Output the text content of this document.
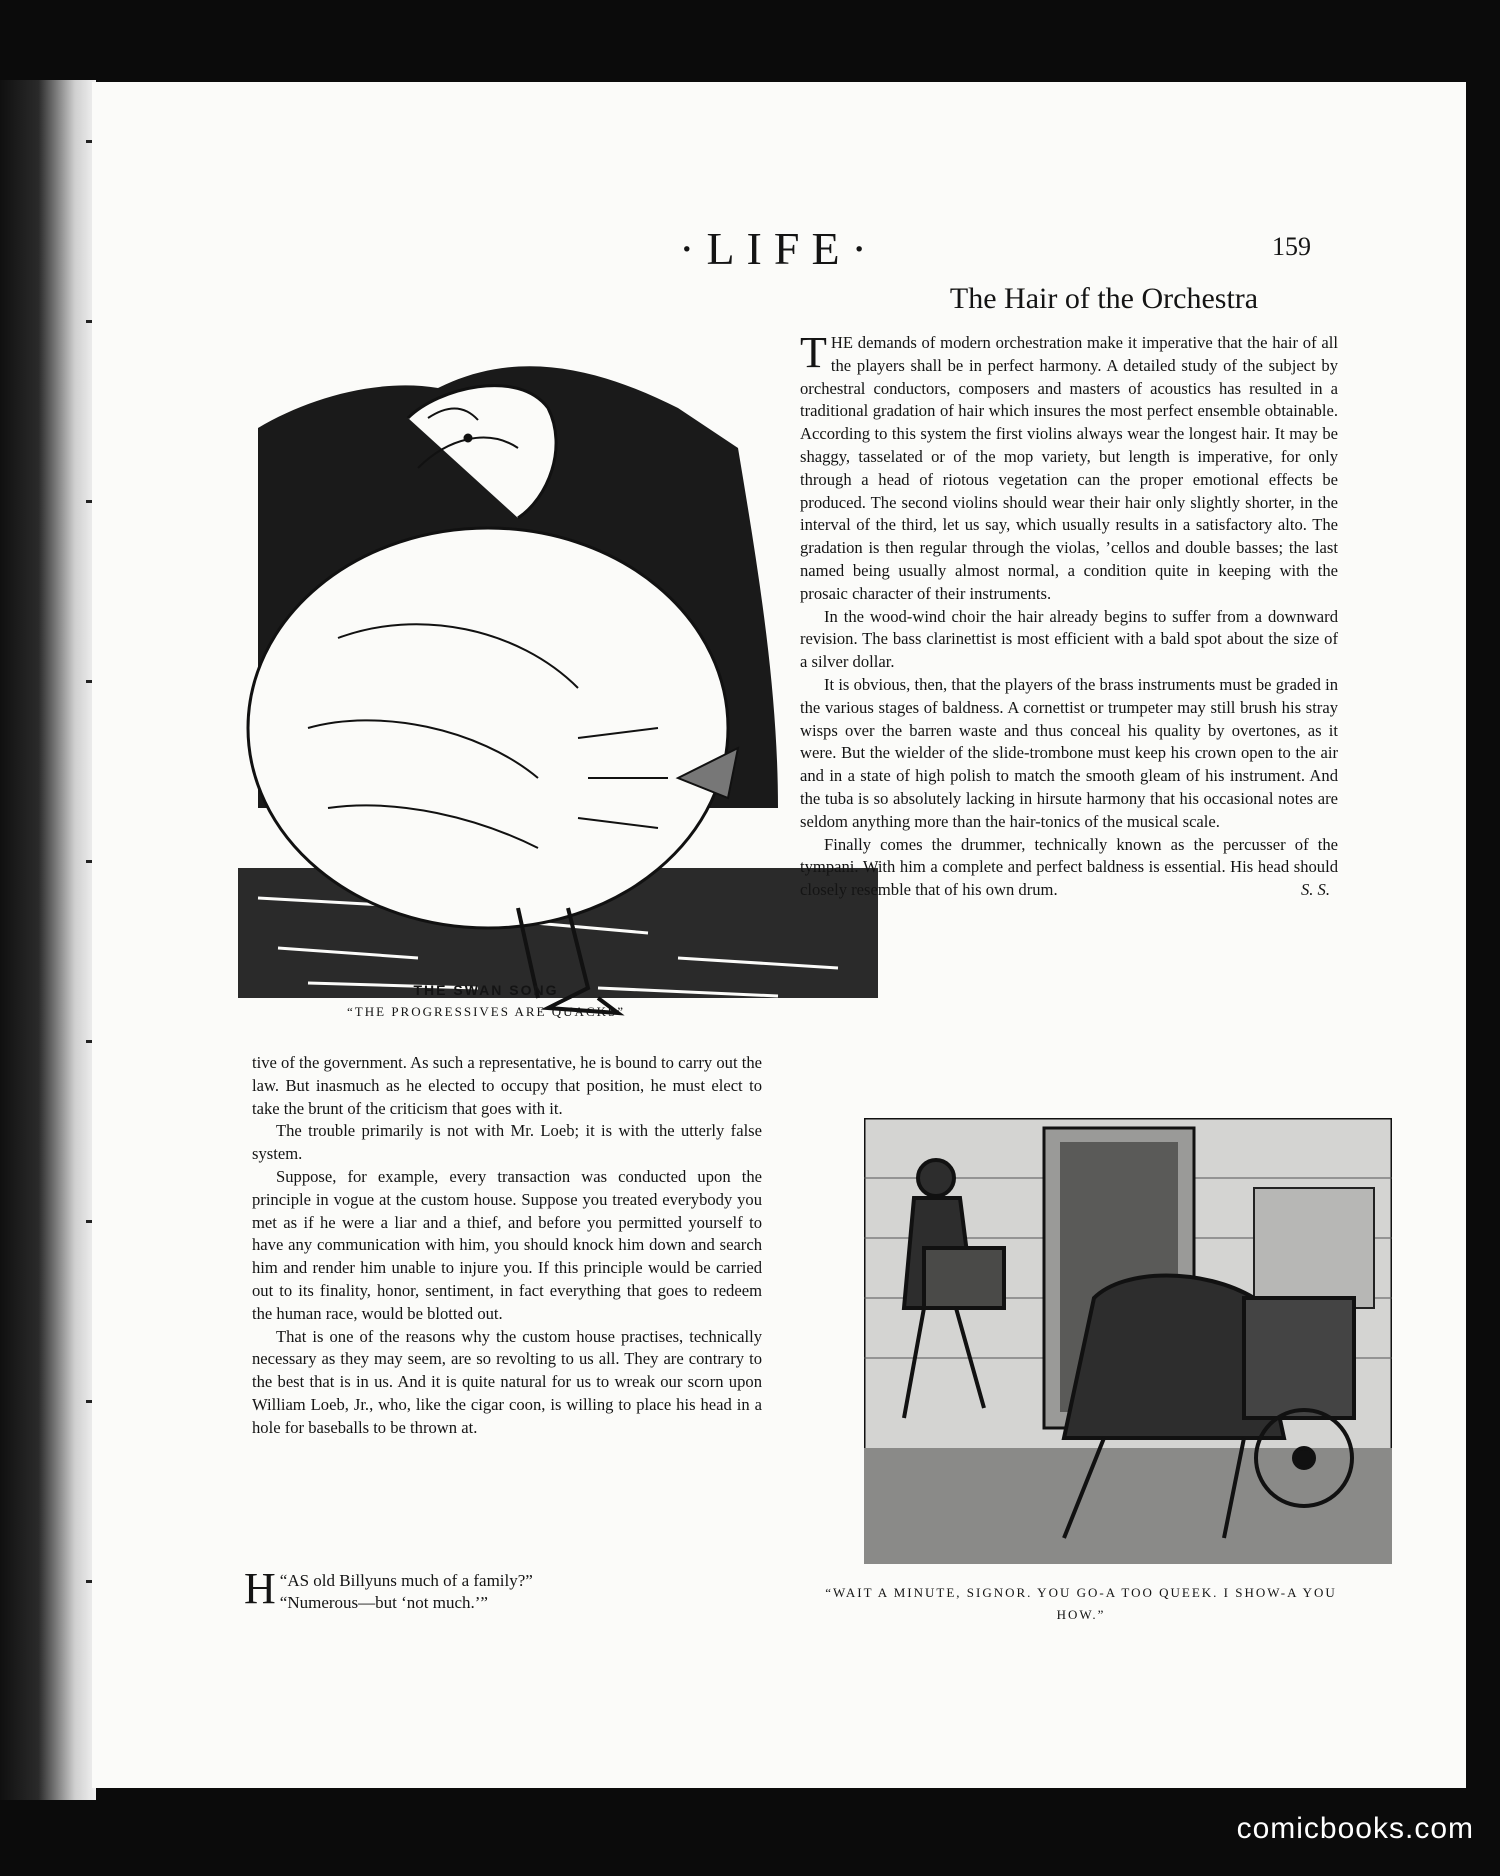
·LIFE·	159
The Hair of the Orchestra
THE SWAN SONG
“THE PROGRESSIVES ARE QUACKS”

THE demands of modern orchestration make it imperative that the hair of all the players shall be in perfect harmony. A detailed study of the subject by orchestral conductors, composers and masters of acoustics has resulted in a traditional gradation of hair which insures the most perfect ensemble obtainable. According to this system the first violins always wear the longest hair. It may be shaggy, tasselated or of the mop variety, but length is imperative, for only through a head of riotous vegetation can the proper emotional effects be produced. The second violins should wear their hair only slightly shorter, in the interval of the third, let us say, which usually results in a satisfactory alto. The gradation is then regular through the violas, ’cellos and double basses; the last named being usually almost normal, a condition quite in keeping with the prosaic character of their instruments.

In the wood-wind choir the hair already begins to suffer from a downward revision. The bass clarinettist is most efficient with a bald spot about the size of a silver dollar.

It is obvious, then, that the players of the brass instruments must be graded in the various stages of baldness. A cornettist or trumpeter may still brush his stray wisps over the barren waste and thus conceal his quality by overtones, as it were. But the wielder of the slide-trombone must keep his crown open to the air and in a state of high polish to match the smooth gleam of his instrument. And the tuba is so absolutely lacking in hirsute harmony that his occasional notes are seldom anything more than the hair-tonics of the musical scale.

Finally comes the drummer, technically known as the percusser of the tympani. With him a complete and perfect baldness is essential. His head should closely resemble that of his own drum.	S. S.

tive of the government. As such a representative, he is bound to carry out the law. But inasmuch as he elected to occupy that position, he must elect to take the brunt of the criticism that goes with it.

The trouble primarily is not with Mr. Loeb; it is with the utterly false system.

Suppose, for example, every transaction was conducted upon the principle in vogue at the custom house. Suppose you treated everybody you met as if he were a liar and a thief, and before you permitted yourself to have any communication with him, you should knock him down and search him and render him unable to injure you. If this principle would be carried out to its finality, honor, sentiment, in fact everything that goes to redeem the human race, would be blotted out.

That is one of the reasons why the custom house practises, technically necessary as they may seem, are so revolting to us all. They are contrary to the best that is in us. And it is quite natural for us to wreak our scorn upon William Loeb, Jr., who, like the cigar coon, is willing to place his head in a hole for baseballs to be thrown at.

“
H AS old Billyuns much of a family?”
“Numerous—but ‘not much.’”
“WAIT A MINUTE, SIGNOR. YOU GO-A TOO QUEEK. I SHOW-A YOU HOW.”
comicbooks.com
